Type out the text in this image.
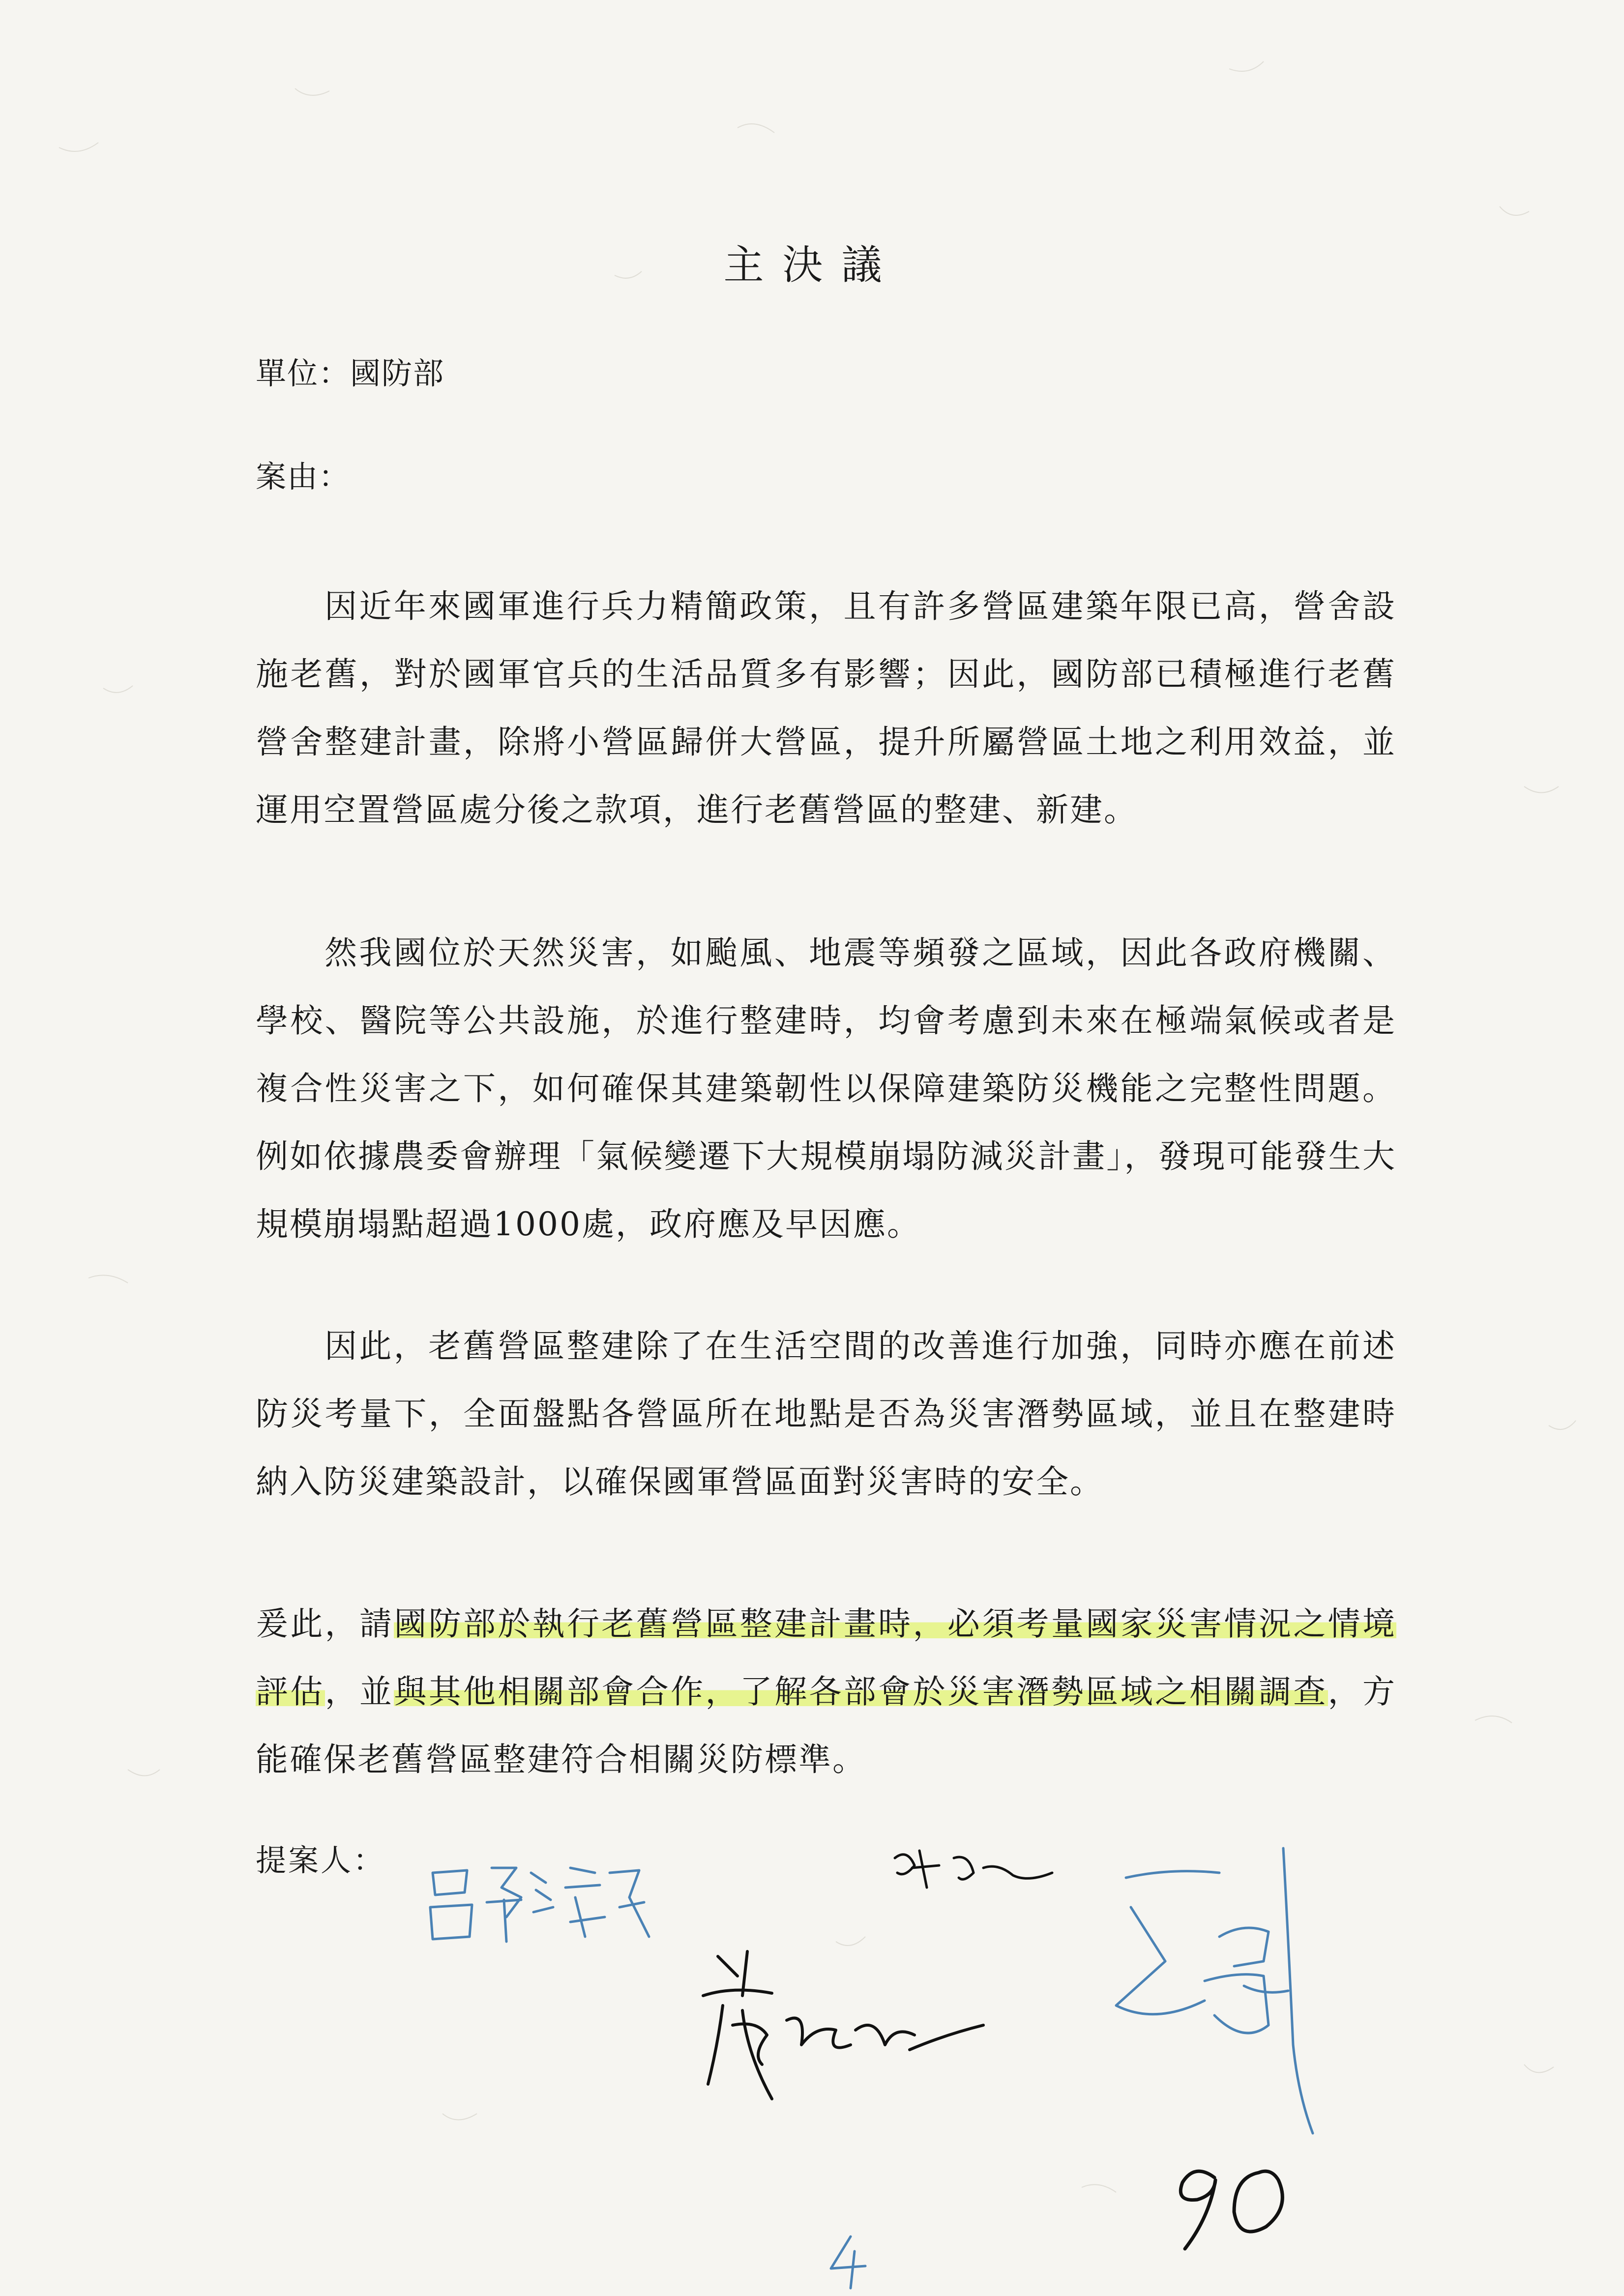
主決議
單位：國防部
案由：

因近年來國軍進行兵力精簡政策，且有許多營區建築年限已高，營舍設施老舊，對於國軍官兵的生活品質多有影響；因此，國防部已積極進行老舊營舍整建計畫，除將小營區歸併大營區，提升所屬營區土地之利用效益，並運用空置營區處分後之款項，進行老舊營區的整建、新建。

然我國位於天然災害，如颱風、地震等頻發之區域，因此各政府機關、學校、醫院等公共設施，於進行整建時，均會考慮到未來在極端氣候或者是複合性災害之下，如何確保其建築韌性以保障建築防災機能之完整性問題。例如依據農委會辦理「氣候變遷下大規模崩塌防減災計畫」，發現可能發生大規模崩塌點超過1000處，政府應及早因應。

因此，老舊營區整建除了在生活空間的改善進行加強，同時亦應在前述防災考量下，全面盤點各營區所在地點是否為災害潛勢區域，並且在整建時納入防災建築設計，以確保國軍營區面對災害時的安全。

爰此，請國防部於執行老舊營區整建計畫時，必須考量國家災害情況之情境評估，並與其他相關部會合作，了解各部會於災害潛勢區域之相關調查，方能確保老舊營區整建符合相關災防標準。

提案人：
